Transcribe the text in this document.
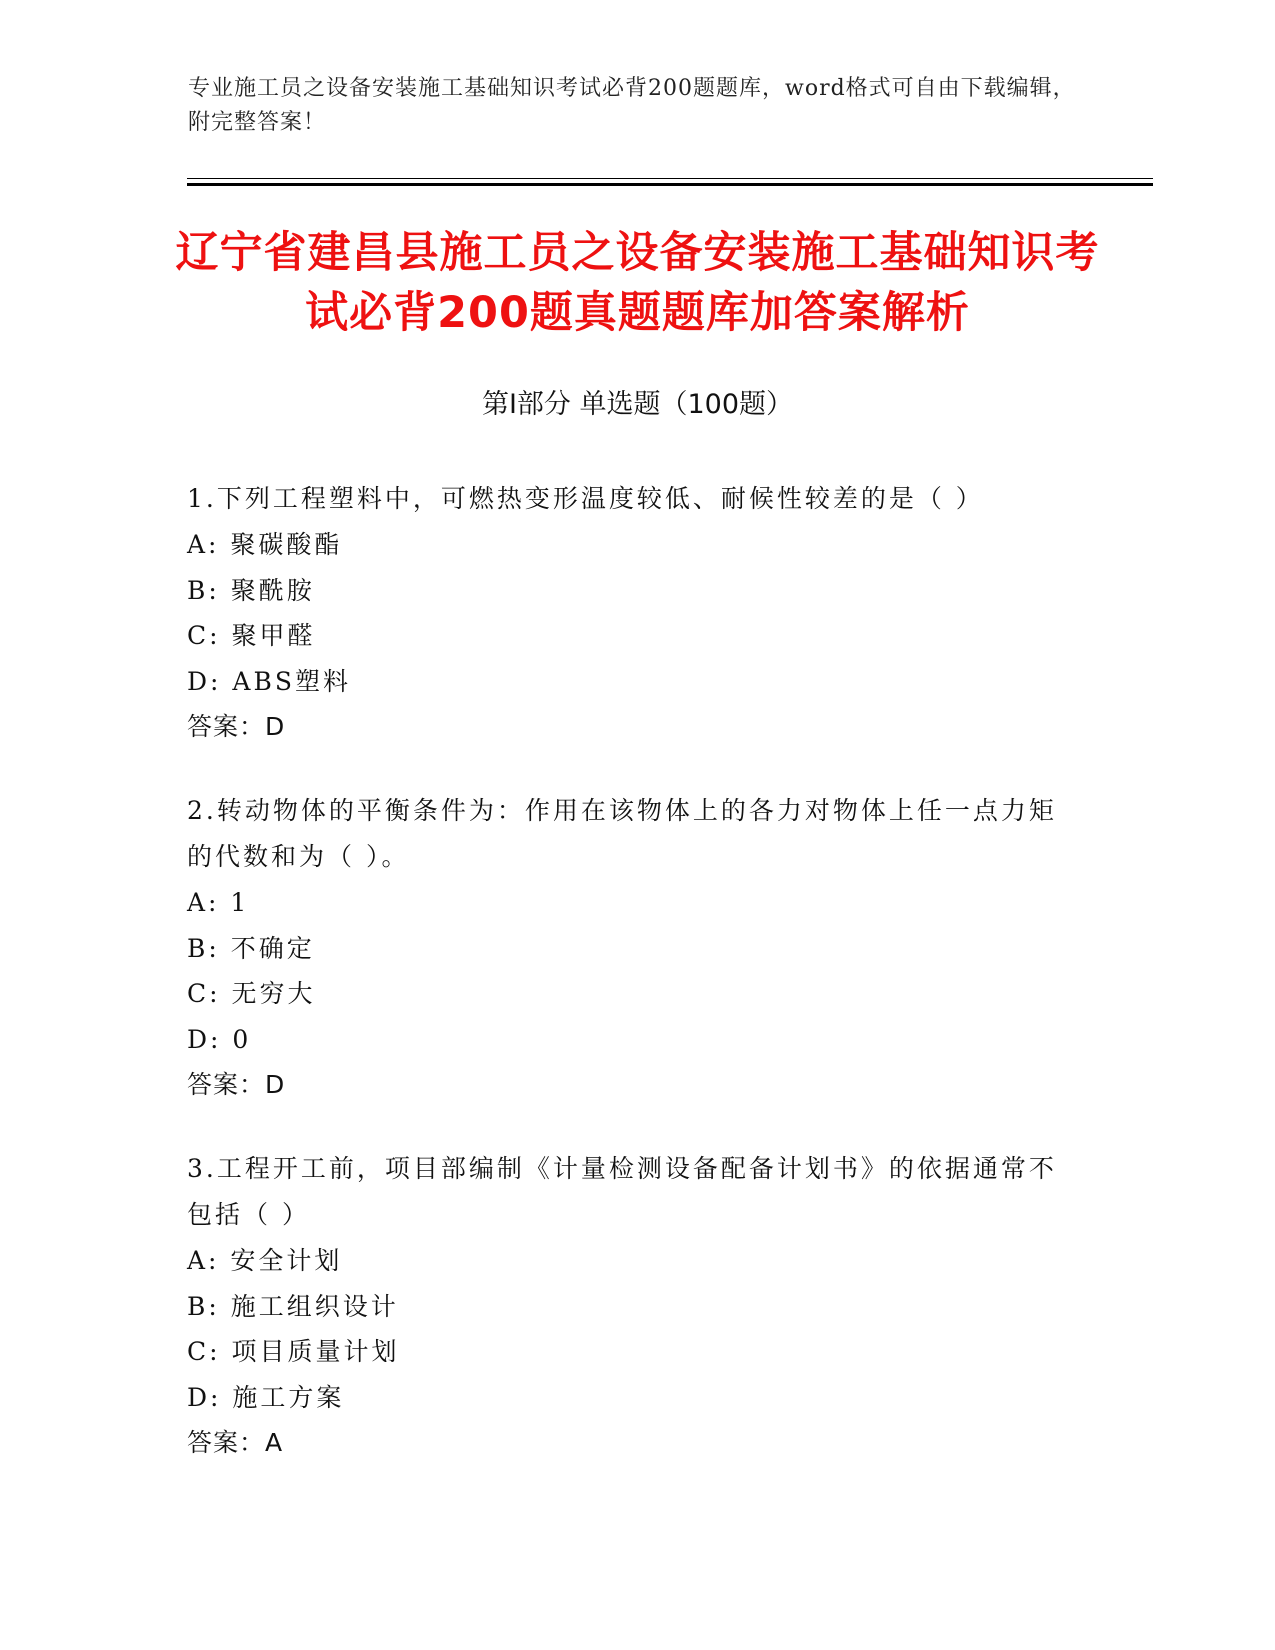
专业施工员之设备安装施工基础知识考试必背200题题库，word格式可自由下载编辑，附完整答案！
辽宁省建昌县施工员之设备安装施工基础知识考试必背200题真题题库加答案解析
第Ⅰ部分 单选题（100题）
1.下列工程塑料中，可燃热变形温度较低、耐候性较差的是（ ）
A: 聚碳酸酯
B: 聚酰胺
C: 聚甲醛
D: ABS塑料
答案：D
2.转动物体的平衡条件为：作用在该物体上的各力对物体上任一点力矩的代数和为（ ）。
A: 1
B: 不确定
C: 无穷大
D: 0
答案：D
3.工程开工前，项目部编制《计量检测设备配备计划书》的依据通常不包括（ ）
A: 安全计划
B: 施工组织设计
C: 项目质量计划
D: 施工方案
答案：A
